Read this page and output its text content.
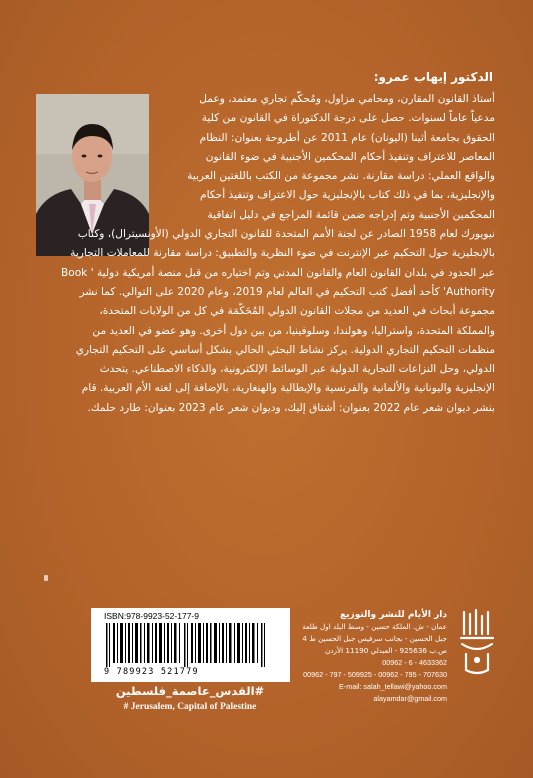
الدكتور إيهاب عمرو:
أستاذ القانون المقارن، ومحامي مزاول، ومُحكّم تجاري معتمد، وعمل
مدعياً عاماً لسنوات. حصل على درجة الدكتوراة في القانون من كلية
الحقوق بجامعة أثينا (اليونان) عام 2011 عن أطروحة بعنوان: النظام
المعاصر للاعتراف وتنفيذ أحكام المحكمين الأجنبية في ضوء القانون
والواقع العملي: دراسة مقارنة. نشر مجموعة من الكتب باللغتين العربية
والإنجليزية، بما في ذلك كتاب بالإنجليزية حول الاعتراف وتنفيذ أحكام
المحكمين الأجنبية وتم إدراجه ضمن قائمة المراجع في دليل اتفاقية
نيويورك لعام 1958 الصادر عن لجنة الأمم المتحدة للقانون التجاري الدولي (الأونسيترال)، وكتاب
بالإنجليزية حول التحكيم عبر الإنترنت في ضوء النظرية والتطبيق: دراسة مقارنة للمعاملات التجارية
عبر الحدود في بلدان القانون العام والقانون المدني وتم اختياره من قبل منصة أمريكية دولية ' Book
Authority' كأحد أفضل كتب التحكيم في العالم لعام 2019، وعام 2020 على التوالي. كما نشر
مجموعة أبحاث في العديد من مجلات القانون الدولي المُحَكّمَة في كل من الولايات المتحدة،
والمملكة المتحدة، واستراليا، وهولندا، وسلوفينيا، من بين دول أخرى. وهو عضو في العديد من
منظمات التحكيم التجاري الدولية. يركز نشاط البحثي الحالي بشكل أساسي على التحكيم التجاري
الدولي، وحل النزاعات التجارية الدولية عبر الوسائط الإلكترونية، والذكاء الاصطناعي. يتحدث
الإنجليزية واليونانية والألمانية والفرنسية والإيطالية والهنغارية، بالإضافة إلى لغته الأم العربية. قام
بنشر ديوان شعر عام 2022 بعنوان: أشتاق إليك، وديوان شعر عام 2023 بعنوان: طارد حلمك.
ISBN:978-9923-52-177-9
9 789923 521779
#القدس_عاصمة_فلسطين
# Jerusalem, Capital of Palestine
دار الأيام للنشر والتوزيع
عمان - ش. الملكة حسين - وسط البلد اول طلعة
جبل الحسين - بجانب سرفيس جبل الحسين ط 4
ص.ب 925636 - العبدلي 11190 الأردن
00962 - 6 - 4633362
00962 - 797 - 509925 - 00962 - 795 - 707630
E-mail: salah_tellawi@yahoo.com
alayamdar@gmail.com
